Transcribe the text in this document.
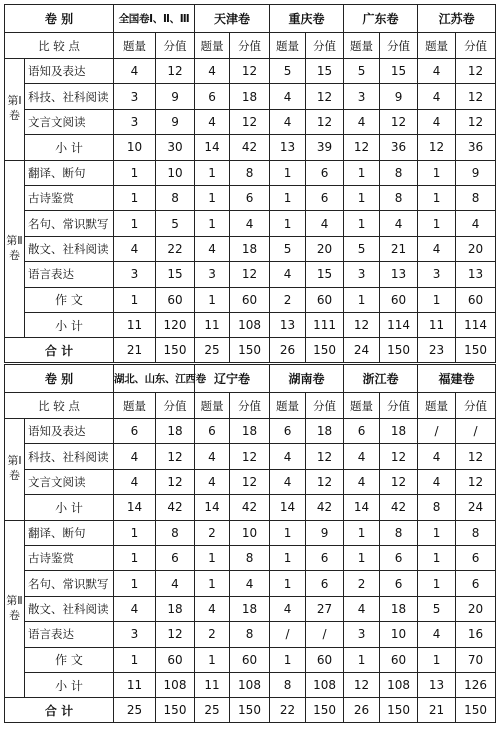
卷 别		全国卷Ⅰ、Ⅱ、Ⅲ		天津卷		重庆卷		广东卷		江苏卷	
比 较 点		题量	分值	题量	分值	题量	分值	题量	分值	题量	分值
第Ⅰ卷	语知及表达	4	12	4	12	5	15	5	15	4	12
	科技、社科阅读	3	9	6	18	4	12	3	9	4	12
	文言文阅读	3	9	4	12	4	12	4	12	4	12
	小 计	10	30	14	42	13	39	12	36	12	36
第Ⅱ卷	翻译、断句	1	10	1	8	1	6	1	8	1	9
	古诗鉴赏	1	8	1	6	1	6	1	8	1	8
	名句、常识默写	1	5	1	4	1	4	1	4	1	4
	散文、社科阅读	4	22	4	18	5	20	5	21	4	20
	语言表达	3	15	3	12	4	15	3	13	3	13
	作 文	1	60	1	60	2	60	1	60	1	60
	小 计	11	120	11	108	13	111	12	114	11	114
合 计		21	150	25	150	26	150	24	150	23	150
卷 别		湖北、山东、江西卷		辽宁卷		湖南卷		浙江卷		福建卷	
比 较 点		题量	分值	题量	分值	题量	分值	题量	分值	题量	分值
第Ⅰ卷	语知及表达	6	18	6	18	6	18	6	18	/	/
	科技、社科阅读	4	12	4	12	4	12	4	12	4	12
	文言文阅读	4	12	4	12	4	12	4	12	4	12
	小 计	14	42	14	42	14	42	14	42	8	24
第Ⅱ卷	翻译、断句	1	8	2	10	1	9	1	8	1	8
	古诗鉴赏	1	6	1	8	1	6	1	6	1	6
	名句、常识默写	1	4	1	4	1	6	2	6	1	6
	散文、社科阅读	4	18	4	18	4	27	4	18	5	20
	语言表达	3	12	2	8	/	/	3	10	4	16
	作 文	1	60	1	60	1	60	1	60	1	70
	小 计	11	108	11	108	8	108	12	108	13	126
合 计		25	150	25	150	22	150	26	150	21	150
